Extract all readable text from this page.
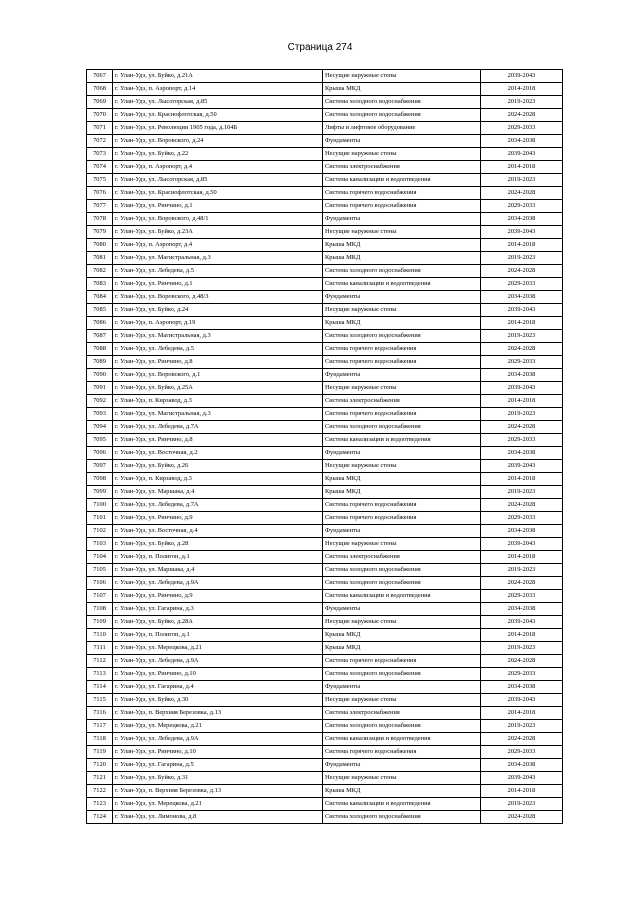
Страница 274
7067	г. Улан-Удэ, ул. Буйко, д.21А	Несущие наружные стены	2039-2043
7068	г. Улан-Удэ, п. Аэропорт, д.14	Крыша МКД	2014-2018
7069	г. Улан-Удэ, ул. Лысогорская, д.85	Система холодного водоснабжения	2019-2023
7070	г. Улан-Удэ, ул. Краснофлотская, д.50	Система холодного водоснабжения	2024-2028
7071	г. Улан-Удэ, ул. Революции 1905 года, д.104Б	Лифты и лифтовое оборудование	2029-2033
7072	г. Улан-Удэ, ул. Воровского, д.24	Фундаменты	2034-2038
7073	г. Улан-Удэ, ул. Буйко, д.22	Несущие наружные стены	2039-2043
7074	г. Улан-Удэ, п. Аэропорт, д.4	Система электроснабжения	2014-2018
7075	г. Улан-Удэ, ул. Лысогорская, д.85	Система канализации и водоотведения	2019-2023
7076	г. Улан-Удэ, ул. Краснофлотская, д.50	Система горячего водоснабжения	2024-2028
7077	г. Улан-Удэ, ул. Ринчино, д.1	Система горячего водоснабжения	2029-2033
7078	г. Улан-Удэ, ул. Воровского, д.48/1	Фундаменты	2034-2038
7079	г. Улан-Удэ, ул. Буйко, д.23А	Несущие наружные стены	2039-2043
7080	г. Улан-Удэ, п. Аэропорт, д.4	Крыша МКД	2014-2018
7081	г. Улан-Удэ, ул. Магистральная, д.3	Крыша МКД	2019-2023
7082	г. Улан-Удэ, ул. Лебедева, д.5	Система холодного водоснабжения	2024-2028
7083	г. Улан-Удэ, ул. Ринчино, д.1	Система канализации и водоотведения	2029-2033
7084	г. Улан-Удэ, ул. Воровского, д.48/3	Фундаменты	2034-2038
7085	г. Улан-Удэ, ул. Буйко, д.24	Несущие наружные стены	2039-2043
7086	г. Улан-Удэ, п. Аэропорт, д.19	Крыша МКД	2014-2018
7087	г. Улан-Удэ, ул. Магистральная, д.3	Система холодного водоснабжения	2019-2023
7088	г. Улан-Удэ, ул. Лебедева, д.5	Система горячего водоснабжения	2024-2028
7089	г. Улан-Удэ, ул. Ринчино, д.8	Система горячего водоснабжения	2029-2033
7090	г. Улан-Удэ, ул. Воровского, д.1	Фундаменты	2034-2038
7091	г. Улан-Удэ, ул. Буйко, д.25А	Несущие наружные стены	2039-2043
7092	г. Улан-Удэ, п. Кирзавод, д.3	Система электроснабжения	2014-2018
7093	г. Улан-Удэ, ул. Магистральная, д.3	Система горячего водоснабжения	2019-2023
7094	г. Улан-Удэ, ул. Лебедева, д.7А	Система холодного водоснабжения	2024-2028
7095	г. Улан-Удэ, ул. Ринчино, д.8	Система канализации и водоотведения	2029-2033
7096	г. Улан-Удэ, ул. Восточная, д.2	Фундаменты	2034-2038
7097	г. Улан-Удэ, ул. Буйко, д.26	Несущие наружные стены	2039-2043
7098	г. Улан-Удэ, п. Кирзавод, д.3	Крыша МКД	2014-2018
7099	г. Улан-Удэ, ул. Маршака, д.4	Крыша МКД	2019-2023
7100	г. Улан-Удэ, ул. Лебедева, д.7А	Система горячего водоснабжения	2024-2028
7101	г. Улан-Удэ, ул. Ринчино, д.9	Система горячего водоснабжения	2029-2033
7102	г. Улан-Удэ, ул. Восточная, д.4	Фундаменты	2034-2038
7103	г. Улан-Удэ, ул. Буйко, д.28	Несущие наружные стены	2039-2043
7104	г. Улан-Удэ, п. Полигон, д.1	Система электроснабжения	2014-2018
7105	г. Улан-Удэ, ул. Маршака, д.4	Система холодного водоснабжения	2019-2023
7106	г. Улан-Удэ, ул. Лебедева, д.9А	Система холодного водоснабжения	2024-2028
7107	г. Улан-Удэ, ул. Ринчино, д.9	Система канализации и водоотведения	2029-2033
7108	г. Улан-Удэ, ул. Гагарина, д.3	Фундаменты	2034-2038
7109	г. Улан-Удэ, ул. Буйко, д.28А	Несущие наружные стены	2039-2043
7110	г. Улан-Удэ, п. Полигон, д.1	Крыша МКД	2014-2018
7111	г. Улан-Удэ, ул. Мерецкова, д.21	Крыша МКД	2019-2023
7112	г. Улан-Удэ, ул. Лебедева, д.9А	Система горячего водоснабжения	2024-2028
7113	г. Улан-Удэ, ул. Ринчино, д.10	Система холодного водоснабжения	2029-2033
7114	г. Улан-Удэ, ул. Гагарина, д.4	Фундаменты	2034-2038
7115	г. Улан-Удэ, ул. Буйко, д.30	Несущие наружные стены	2039-2043
7116	г. Улан-Удэ, п. Верхняя Березовка, д.13	Система электроснабжения	2014-2018
7117	г. Улан-Удэ, ул. Мерецкова, д.21	Система холодного водоснабжения	2019-2023
7118	г. Улан-Удэ, ул. Лебедева, д.9А	Система канализации и водоотведения	2024-2028
7119	г. Улан-Удэ, ул. Ринчино, д.10	Система горячего водоснабжения	2029-2033
7120	г. Улан-Удэ, ул. Гагарина, д.5	Фундаменты	2034-2038
7121	г. Улан-Удэ, ул. Буйко, д.31	Несущие наружные стены	2039-2043
7122	г. Улан-Удэ, п. Верхняя Березовка, д.13	Крыша МКД	2014-2018
7123	г. Улан-Удэ, ул. Мерецкова, д.21	Система канализации и водоотведения	2019-2023
7124	г. Улан-Удэ, ул. Лимонова, д.8	Система холодного водоснабжения	2024-2028
